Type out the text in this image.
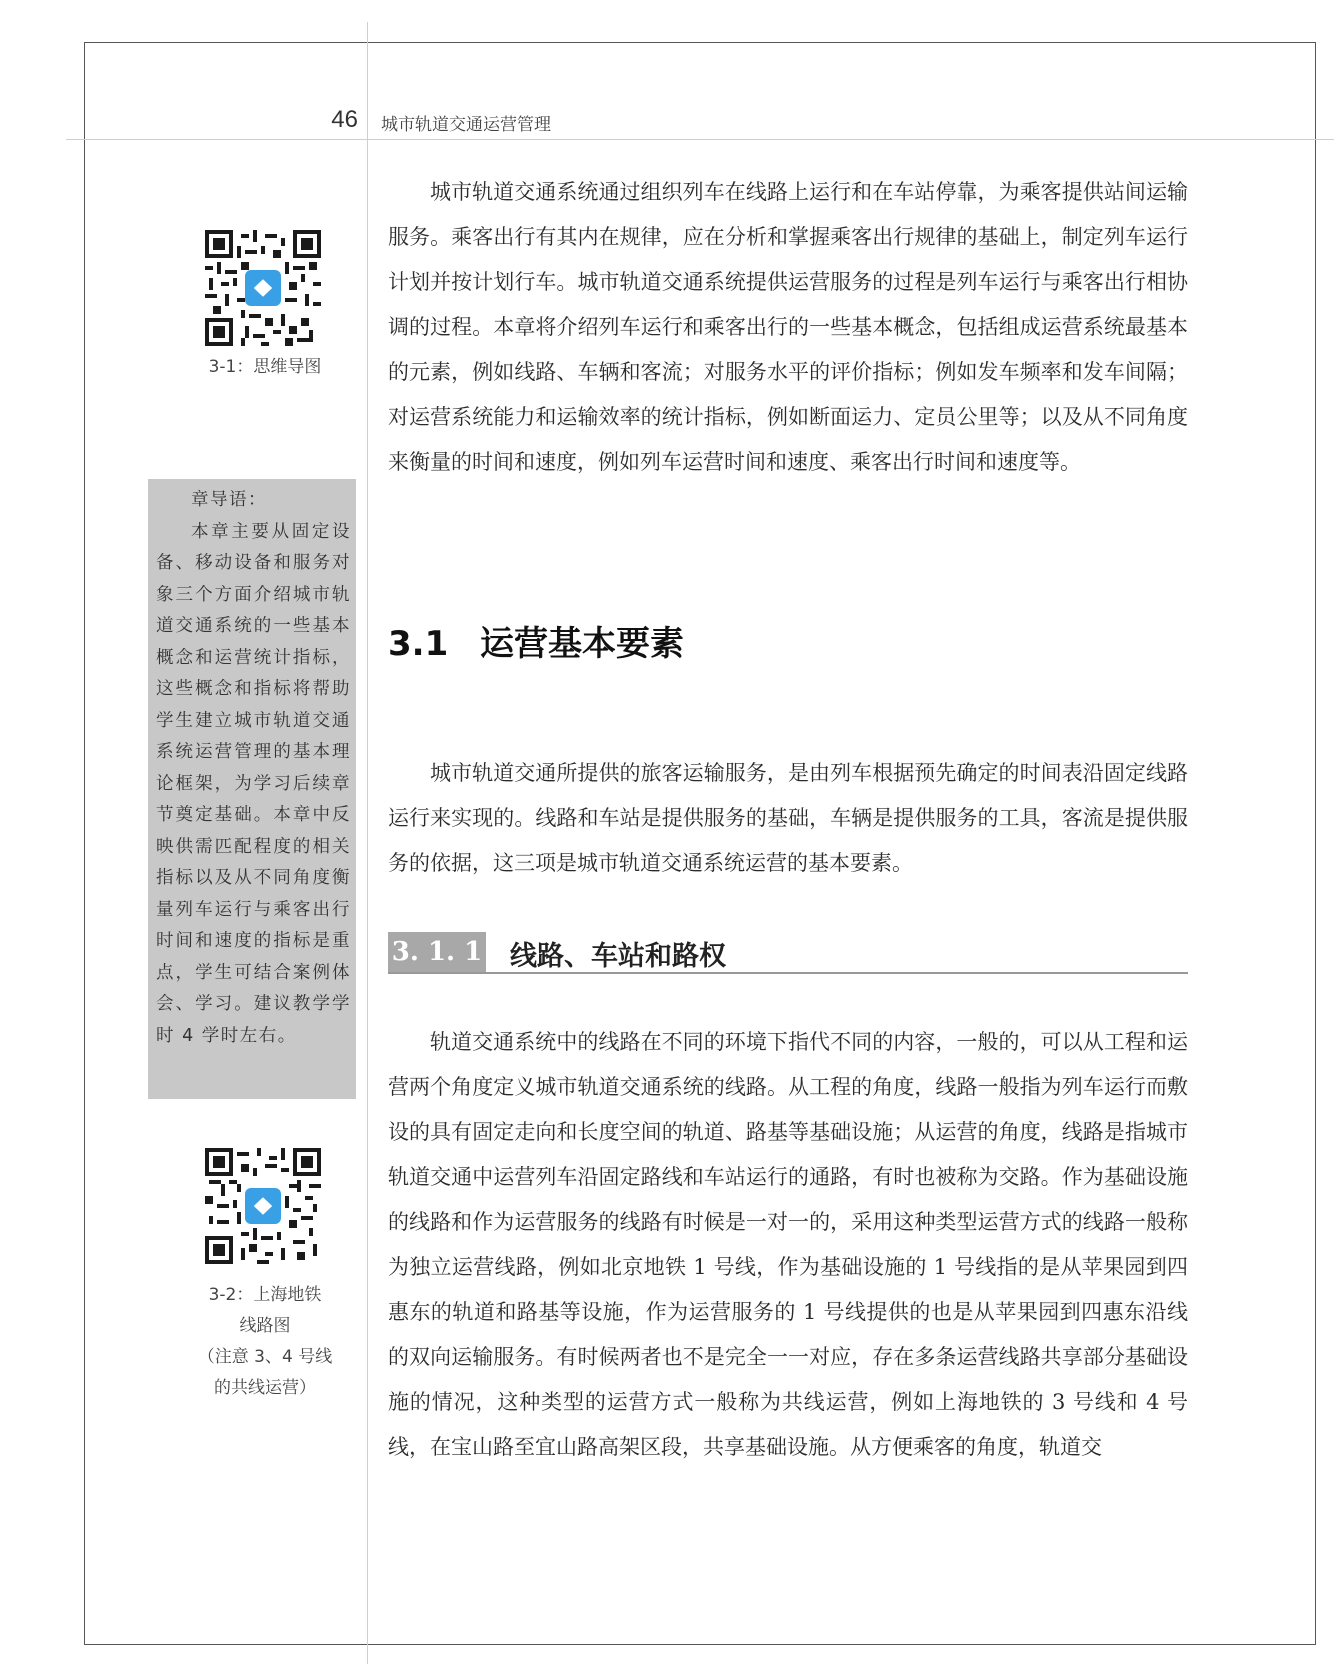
46 城市轨道交通运营管理
3-1：思维导图

章导语：

本章主要从固定设备、移动设备和服务对象三个方面介绍城市轨道交通系统的一些基本概念和运营统计指标，这些概念和指标将帮助学生建立城市轨道交通系统运营管理的基本理论框架，为学习后续章节奠定基础。本章中反映供需匹配程度的相关指标以及从不同角度衡量列车运行与乘客出行时间和速度的指标是重点，学生可结合案例体会、学习。建议教学学时 4 学时左右。

3-2：上海地铁
线路图
（注意 3、4 号线
的共线运营）

城市轨道交通系统通过组织列车在线路上运行和在车站停靠，为乘客提供站间运输服务。乘客出行有其内在规律，应在分析和掌握乘客出行规律的基础上，制定列车运行计划并按计划行车。城市轨道交通系统提供运营服务的过程是列车运行与乘客出行相协调的过程。本章将介绍列车运行和乘客出行的一些基本概念，包括组成运营系统最基本的元素，例如线路、车辆和客流；对服务水平的评价指标；例如发车频率和发车间隔；对运营系统能力和运输效率的统计指标，例如断面运力、定员公里等；以及从不同角度来衡量的时间和速度，例如列车运营时间和速度、乘客出行时间和速度等。

3.1 运营基本要素

城市轨道交通所提供的旅客运输服务，是由列车根据预先确定的时间表沿固定线路运行来实现的。线路和车站是提供服务的基础，车辆是提供服务的工具，客流是提供服务的依据，这三项是城市轨道交通系统运营的基本要素。

3. 1. 1 线路、车站和路权

轨道交通系统中的线路在不同的环境下指代不同的内容，一般的，可以从工程和运营两个角度定义城市轨道交通系统的线路。从工程的角度，线路一般指为列车运行而敷设的具有固定走向和长度空间的轨道、路基等基础设施；从运营的角度，线路是指城市轨道交通中运营列车沿固定路线和车站运行的通路，有时也被称为交路。作为基础设施的线路和作为运营服务的线路有时候是一对一的，采用这种类型运营方式的线路一般称为独立运营线路，例如北京地铁 1 号线，作为基础设施的 1 号线指的是从苹果园到四惠东的轨道和路基等设施，作为运营服务的 1 号线提供的也是从苹果园到四惠东沿线的双向运输服务。有时候两者也不是完全一一对应，存在多条运营线路共享部分基础设施的情况，这种类型的运营方式一般称为共线运营，例如上海地铁的 3 号线和 4 号线，在宝山路至宜山路高架区段，共享基础设施。从方便乘客的角度，轨道交
